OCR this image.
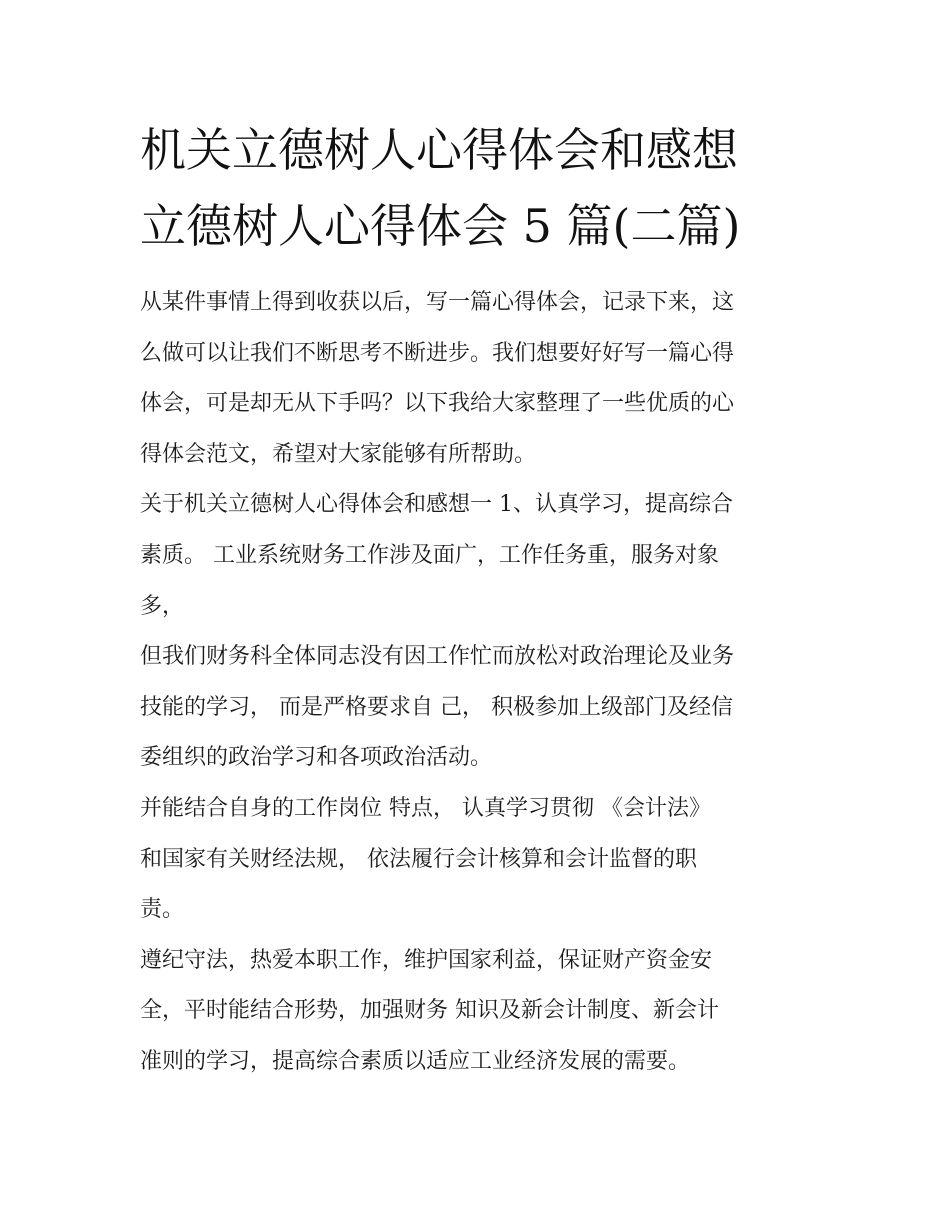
机关立德树人心得体会和感想
立德树人心得体会 5 篇(二篇)

从某件事情上得到收获以后，写一篇心得体会，记录下来，这
么做可以让我们不断思考不断进步。我们想要好好写一篇心得
体会，可是却无从下手吗？以下我给大家整理了一些优质的心
得体会范文，希望对大家能够有所帮助。

关于机关立德树人心得体会和感想一 1、认真学习，提高综合
素质。 工业系统财务工作涉及面广，工作任务重，服务对象
多，

但我们财务科全体同志没有因工作忙而放松对政治理论及业务
技能的学习， 而是严格要求自 己， 积极参加上级部门及经信
委组织的政治学习和各项政治活动。

并能结合自身的工作岗位 特点， 认真学习贯彻 《会计法》
和国家有关财经法规， 依法履行会计核算和会计监督的职
责。

遵纪守法，热爱本职工作，维护国家利益，保证财产资金安
全，平时能结合形势，加强财务 知识及新会计制度、新会计
准则的学习，提高综合素质以适应工业经济发展的需要。
